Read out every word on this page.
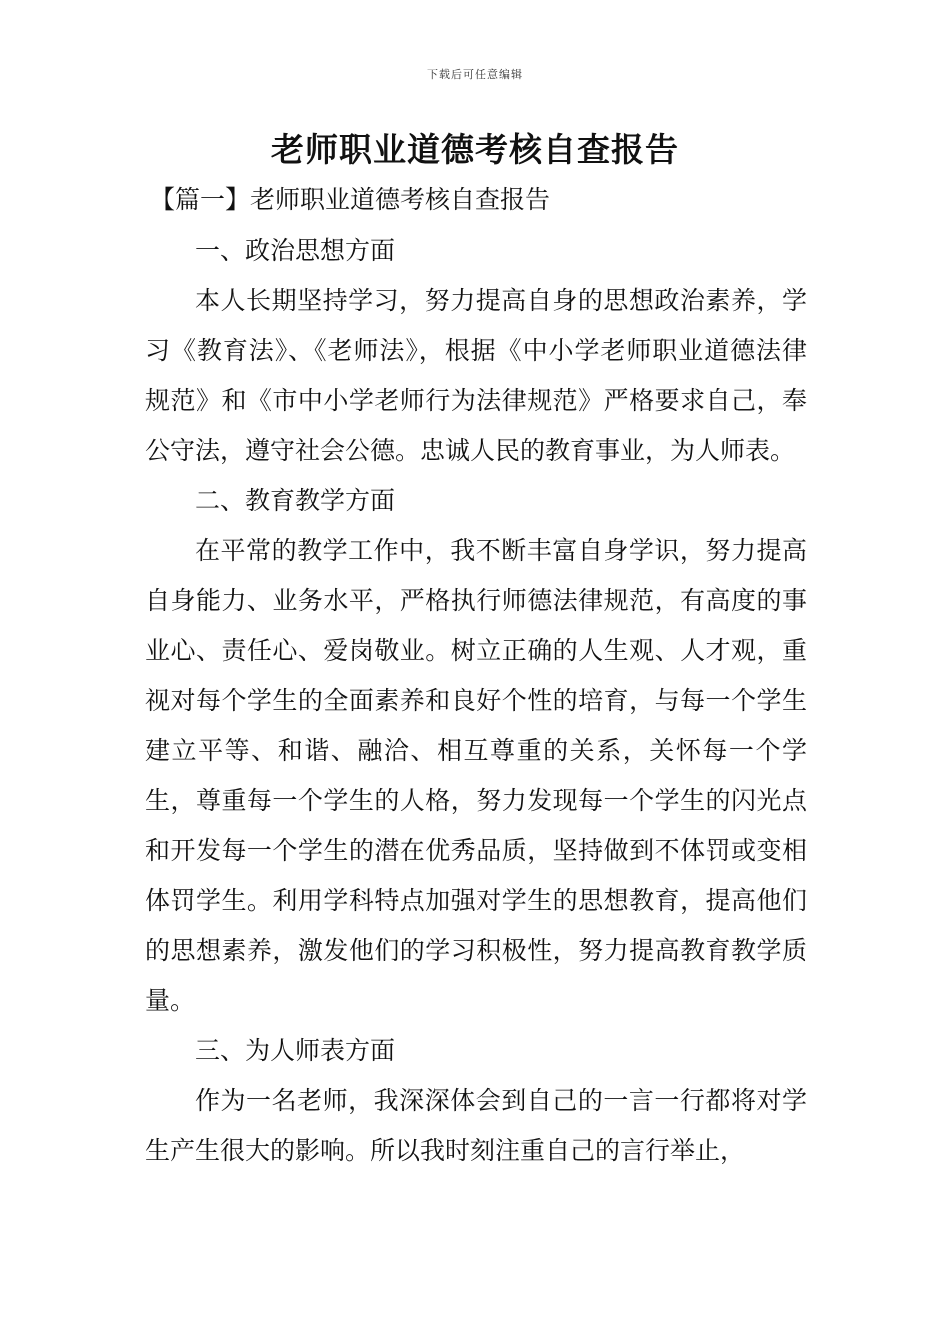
下载后可任意编辑
老师职业道德考核自查报告

【篇一】老师职业道德考核自查报告

一、政治思想方面

本人长期坚持学习，努力提高自身的思想政治素养，学习《教育法》、《老师法》，根据《中小学老师职业道德法律规范》和《市中小学老师行为法律规范》严格要求自己，奉公守法，遵守社会公德。忠诚人民的教育事业，为人师表。

二、教育教学方面

在平常的教学工作中，我不断丰富自身学识，努力提高自身能力、业务水平，严格执行师德法律规范，有高度的事业心、责任心、爱岗敬业。树立正确的人生观、人才观，重视对每个学生的全面素养和良好个性的培育，与每一个学生建立平等、和谐、融洽、相互尊重的关系，关怀每一个学生，尊重每一个学生的人格，努力发现每一个学生的闪光点和开发每一个学生的潜在优秀品质，坚持做到不体罚或变相体罚学生。利用学科特点加强对学生的思想教育，提高他们的思想素养，激发他们的学习积极性，努力提高教育教学质量。

三、为人师表方面

作为一名老师，我深深体会到自己的一言一行都将对学生产生很大的影响。所以我时刻注重自己的言行举止，
